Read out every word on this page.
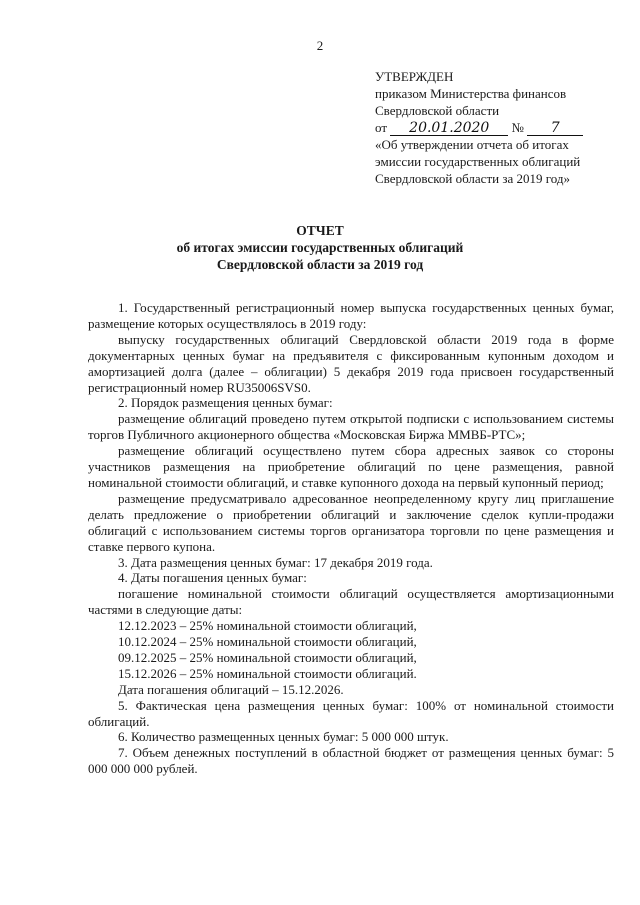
2
УТВЕРЖДЕН
приказом Министерства финансов
Свердловской области
от 20.01.2020 № 7
«Об утверждении отчета об итогах
эмиссии государственных облигаций
Свердловской области за 2019 год»
ОТЧЕТ
об итогах эмиссии государственных облигаций
Свердловской области за 2019 год

1. Государственный регистрационный номер выпуска государственных ценных бумаг, размещение которых осуществлялось в 2019 году:

выпуску государственных облигаций Свердловской области 2019 года в форме документарных ценных бумаг на предъявителя с фиксированным купонным доходом и амортизацией долга (далее – облигации) 5 декабря 2019 года присвоен государственный регистрационный номер RU35006SVS0.

2. Порядок размещения ценных бумаг:

размещение облигаций проведено путем открытой подписки с использованием системы торгов Публичного акционерного общества «Московская Биржа ММВБ-РТС»;

размещение облигаций осуществлено путем сбора адресных заявок со стороны участников размещения на приобретение облигаций по цене размещения, равной номинальной стоимости облигаций, и ставке купонного дохода на первый купонный период;

размещение предусматривало адресованное неопределенному кругу лиц приглашение делать предложение о приобретении облигаций и заключение сделок купли-продажи облигаций с использованием системы торгов организатора торговли по цене размещения и ставке первого купона.

3. Дата размещения ценных бумаг: 17 декабря 2019 года.

4. Даты погашения ценных бумаг:

погашение номинальной стоимости облигаций осуществляется амортизационными частями в следующие даты:

12.12.2023 – 25% номинальной стоимости облигаций,

10.12.2024 – 25% номинальной стоимости облигаций,

09.12.2025 – 25% номинальной стоимости облигаций,

15.12.2026 – 25% номинальной стоимости облигаций.

Дата погашения облигаций – 15.12.2026.

5. Фактическая цена размещения ценных бумаг: 100% от номинальной стоимости облигаций.

6. Количество размещенных ценных бумаг: 5 000 000 штук.

7. Объем денежных поступлений в областной бюджет от размещения ценных бумаг: 5 000 000 000 рублей.
